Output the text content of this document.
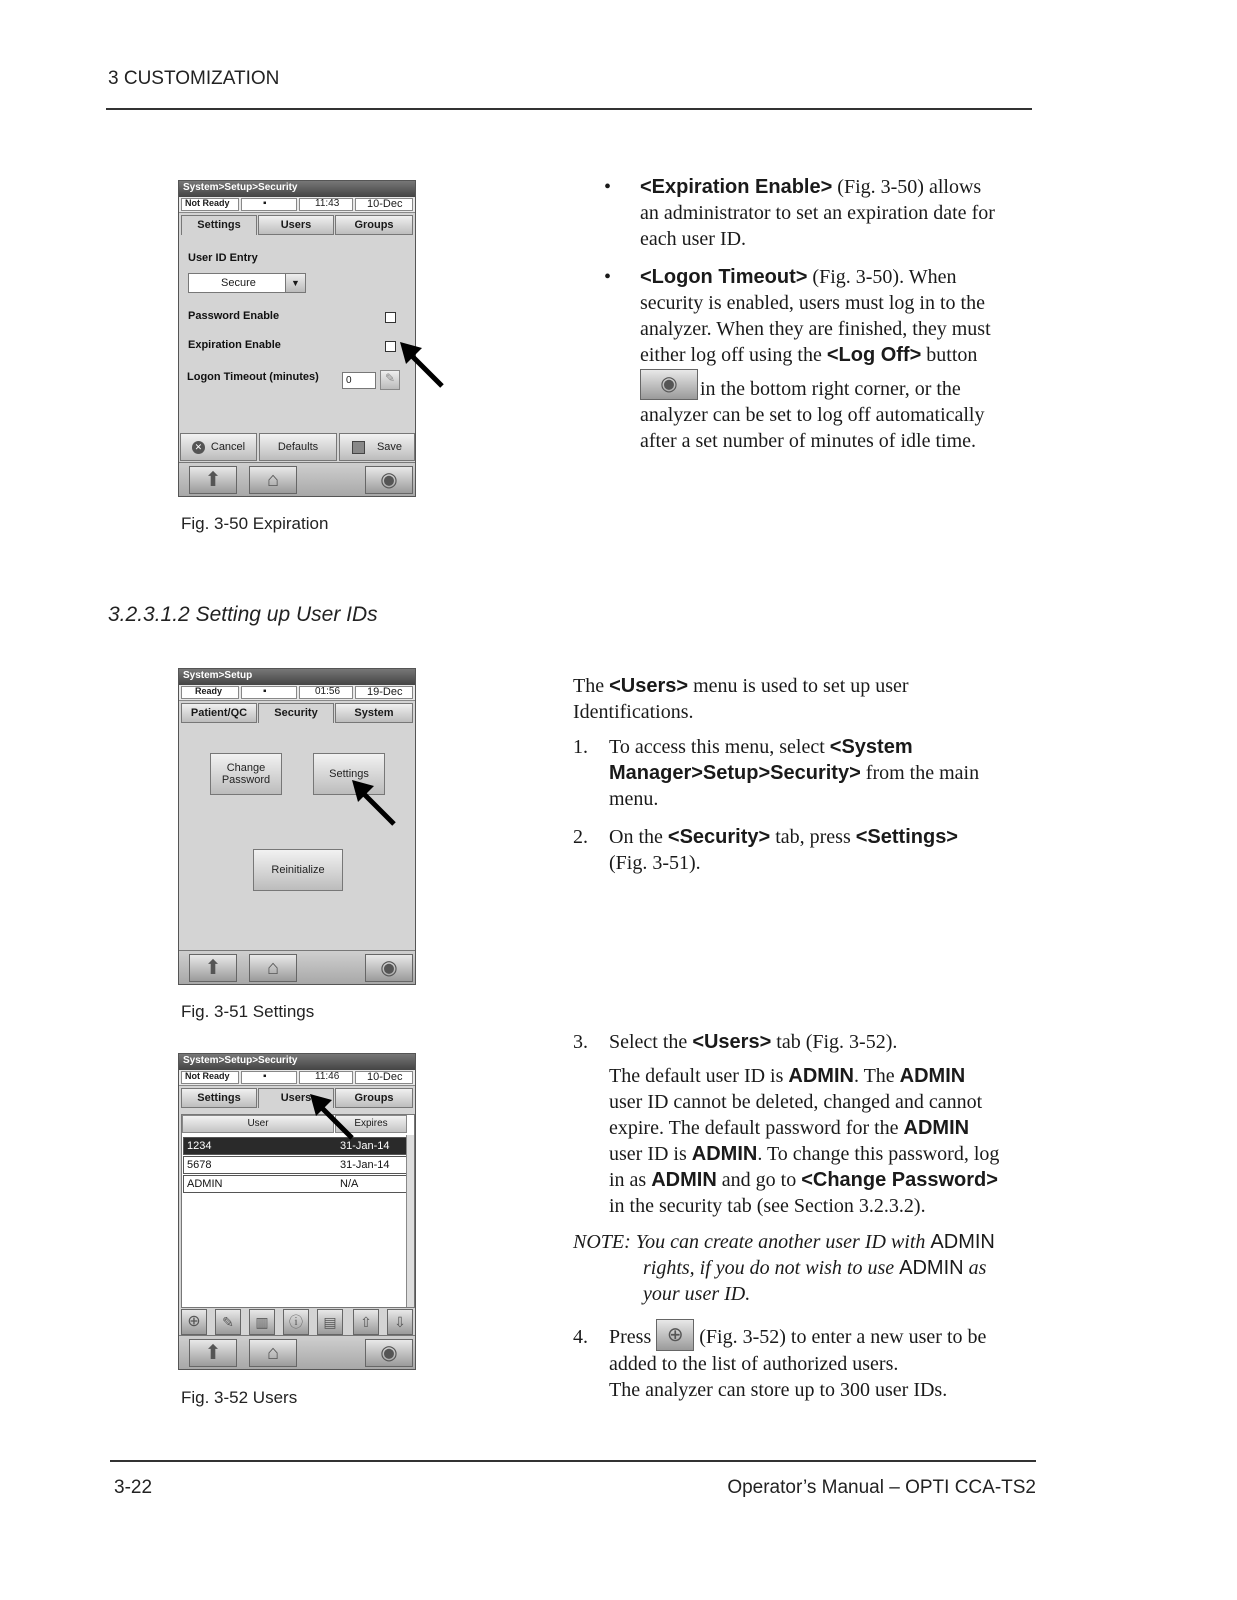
3 CUSTOMIZATION
System>Setup>Security
Not Ready	▪	11:43	10-Dec
Settings	Users	Groups
User ID Entry
Secure	▼
Password Enable
Expiration Enable
Logon Timeout (minutes)	0	✎
✕ Cancel	Defaults	Save
⬆	⌂	◉
Fig. 3-50 Expiration
• <Expiration Enable> (Fig. 3-50) allows
an administrator to set an expiration date for
each user ID.
• <Logon Timeout> (Fig. 3-50). When
security is enabled, users must log in to the
analyzer. When they are finished, they must
either log off using the <Log Off> button
◉	in the bottom right corner, or the
analyzer can be set to log off automatically
after a set number of minutes of idle time.
3.2.3.1.2 Setting up User IDs
System>Setup
Ready	▪	01:56 19-Dec
Patient/QC	Security	System
Change Password	Settings
Reinitialize
⬆	⌂	◉
Fig. 3-51 Settings
The <Users> menu is used to set up user
Identifications.
1. To access this menu, select <System
Manager>Setup>Security> from the main
menu.
2. On the <Security> tab, press <Settings>
(Fig. 3-51).
3. Select the <Users> tab (Fig. 3-52).
The default user ID is ADMIN. The ADMIN
user ID cannot be deleted, changed and cannot
expire. The default password for the ADMIN
user ID is ADMIN. To change this password, log
in as ADMIN and go to <Change Password>
in the security tab (see Section 3.2.3.2).
NOTE: You can create another user ID with ADMIN
rights, if you do not wish to use ADMIN as
your user ID.
4. Press ⊕ (Fig. 3-52) to enter a new user to be
added to the list of authorized users.
The analyzer can store up to 300 user IDs.
System>Setup>Security
Not Ready	▪	11:46	10-Dec
Settings	Users	Groups
User	Expires
1234	31-Jan-14
5678	31-Jan-14
ADMIN	N/A
⊕	✎	▥	ⓘ	▤	⇧	⇩
⬆	⌂	◉
Fig. 3-52 Users
3-22	Operator’s Manual – OPTI CCA-TS2
